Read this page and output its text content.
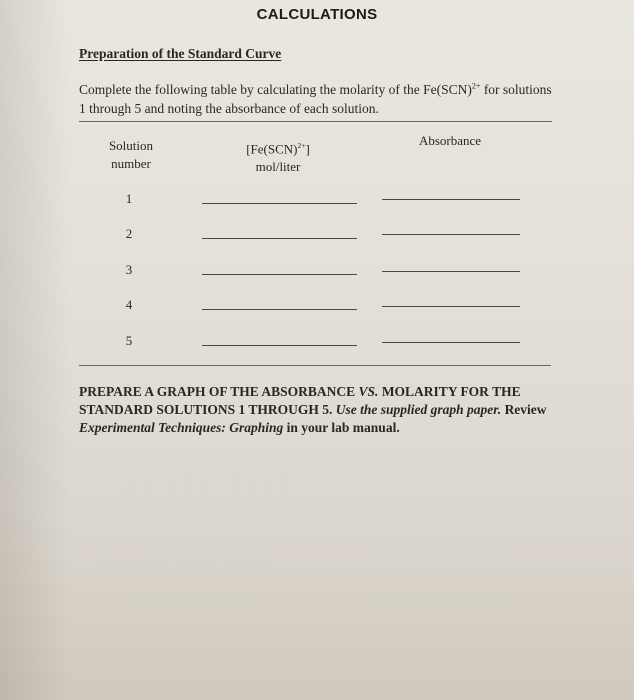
CALCULATIONS
Preparation of the Standard Curve
Complete the following table by calculating the molarity of the Fe(SCN)$^{2+}$ for solutions
1 through 5 and noting the absorbance of each solution.
Solution
number
[Fe(SCN)$^{2+}$]
mol/liter
Absorbance
1
2
3
4
5
PREPARE A GRAPH OF THE ABSORBANCE VS. MOLARITY FOR THE STANDARD SOLUTIONS 1 THROUGH 5. Use the supplied graph paper. Review Experimental Techniques: Graphing in your lab manual.
░░ ░░░ ░░░░
░░░ ░░░
░░░░ ░░ ░░░
